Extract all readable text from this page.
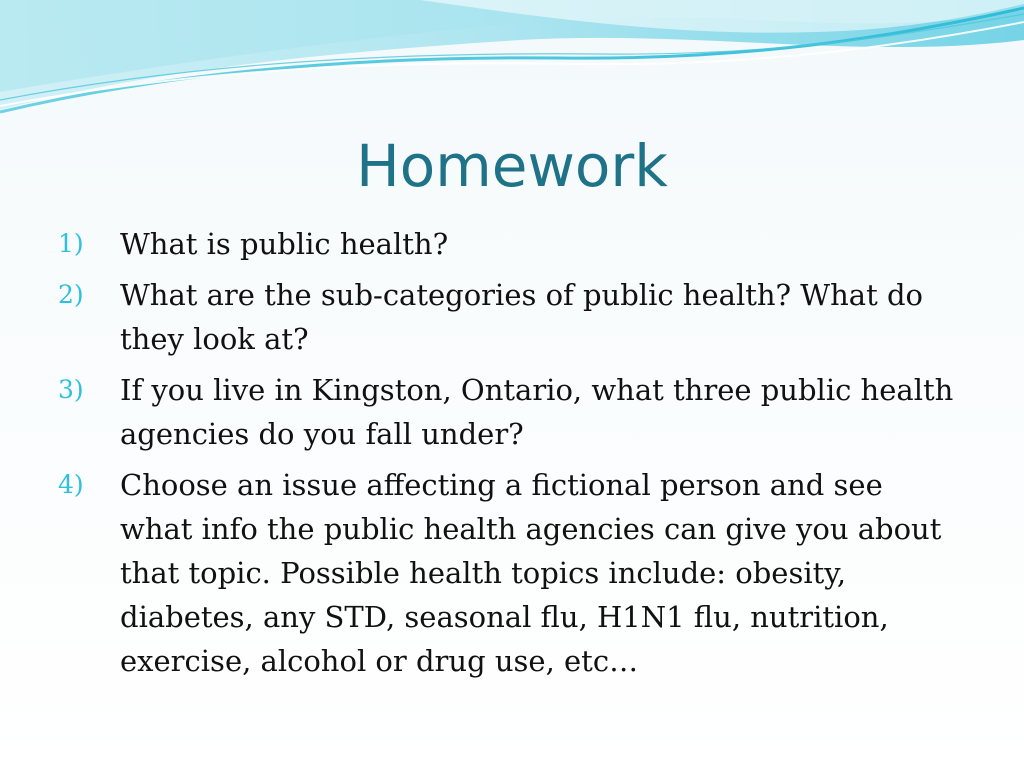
Homework
1)	What is public health?
2)	What are the sub-categories of public health? What do they look at?
3)	If you live in Kingston, Ontario, what three public health agencies do you fall under?
4)	Choose an issue affecting a fictional person and see what info the public health agencies can give you about that topic. Possible health topics include: obesity, diabetes, any STD, seasonal flu, H1N1 flu, nutrition, exercise, alcohol or drug use, etc…
